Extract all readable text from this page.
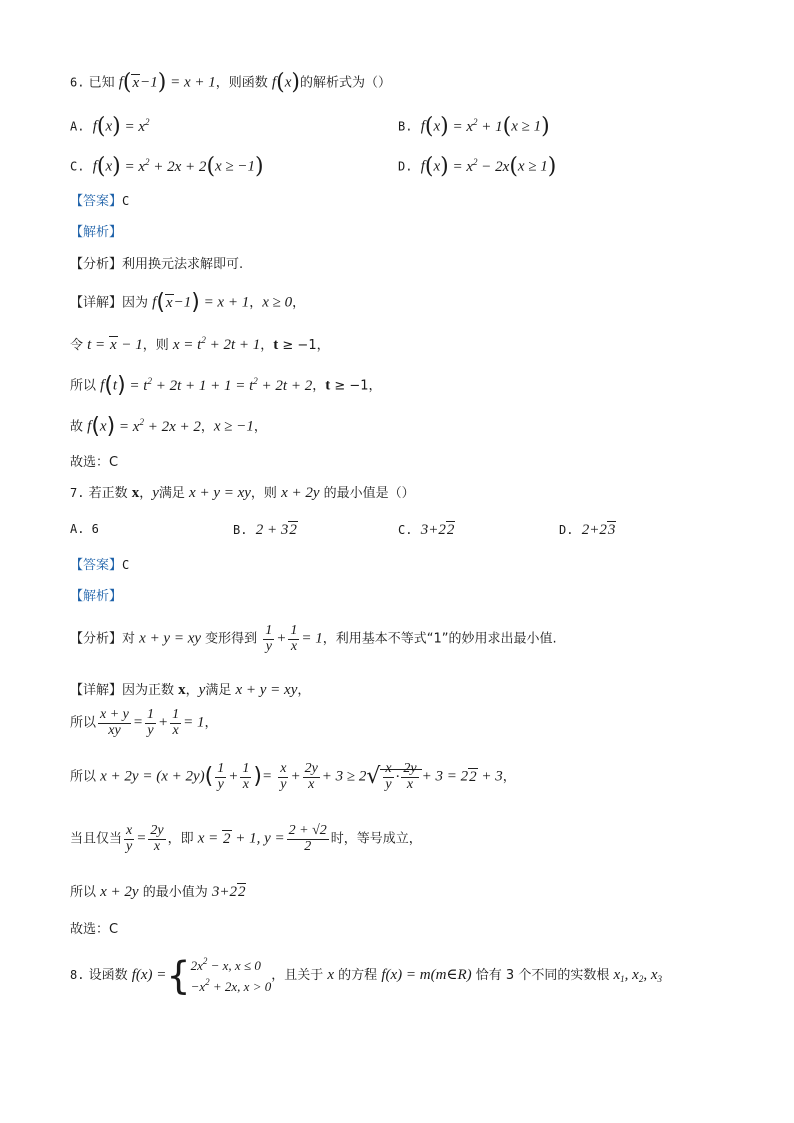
6. 已知 f(x−1) = x + 1，则函数 f(x)的解析式为（）
A. $f(x) = x^2$	B. $f(x) = x^2 + 1(x \ge 1)$
C. $f(x) = x^2 + 2x + 2(x \ge -1)$	D. $f(x) = x^2 - 2x(x \ge 1)$
【答案】C
【解析】
【分析】利用换元法求解即可.
【详解】因为 f(x−1) = x + 1，x ≥ 0，
令 t = x − 1，则 $x = t^2 + 2t + 1$，t ≥ −1，
所以 $f(t) = t^2 + 2t + 1 + 1 = t^2 + 2t + 2$，t ≥ −1，
故 $f(x) = x^2 + 2x + 2$，x ≥ −1，
故选：C
7. 若正数 x，y满足 x + y = xy，则 x + 2y 的最小值是（）
A. 6	B. 2 + 32	C. 3+22	D. 2+23
【答案】C
【解析】
【分析】对 x + y = xy 变形得到 $\frac{1}{y} + \frac{1}{x} = 1$，利用基本不等式“1”的妙用求出最小值.
【详解】因为正数 x，y满足 x + y = xy，
所以 $\frac{x + y}{xy} = \frac{1}{y} + \frac{1}{x} = 1$，
所以 $x + 2y = (x + 2y)( \frac{1}{y} + \frac{1}{x}$ )= $\frac{x}{y} + \frac{2y}{x} + 3 \ge 2√ \frac{x}{y} \cdot \frac{2y}{x} + 3 = 22 + 3$，
当且仅当 $\frac{x}{y} = \frac{2y}{x}$ ，即 x = 2 + 1, $y = \frac{2 + √2}{2}$ 时，等号成立，
所以 x + 2y 的最小值为 3+22
故选：C
8. 设函数 f(x) ={ $2x^2 - x$, x ≤ 0
$-x^2 + 2x$, x > 0
，且关于 x 的方程 f(x) = m(m∈R) 恰有 3 个不同的实数根 $x_1$, $x_2$, $x_3$
